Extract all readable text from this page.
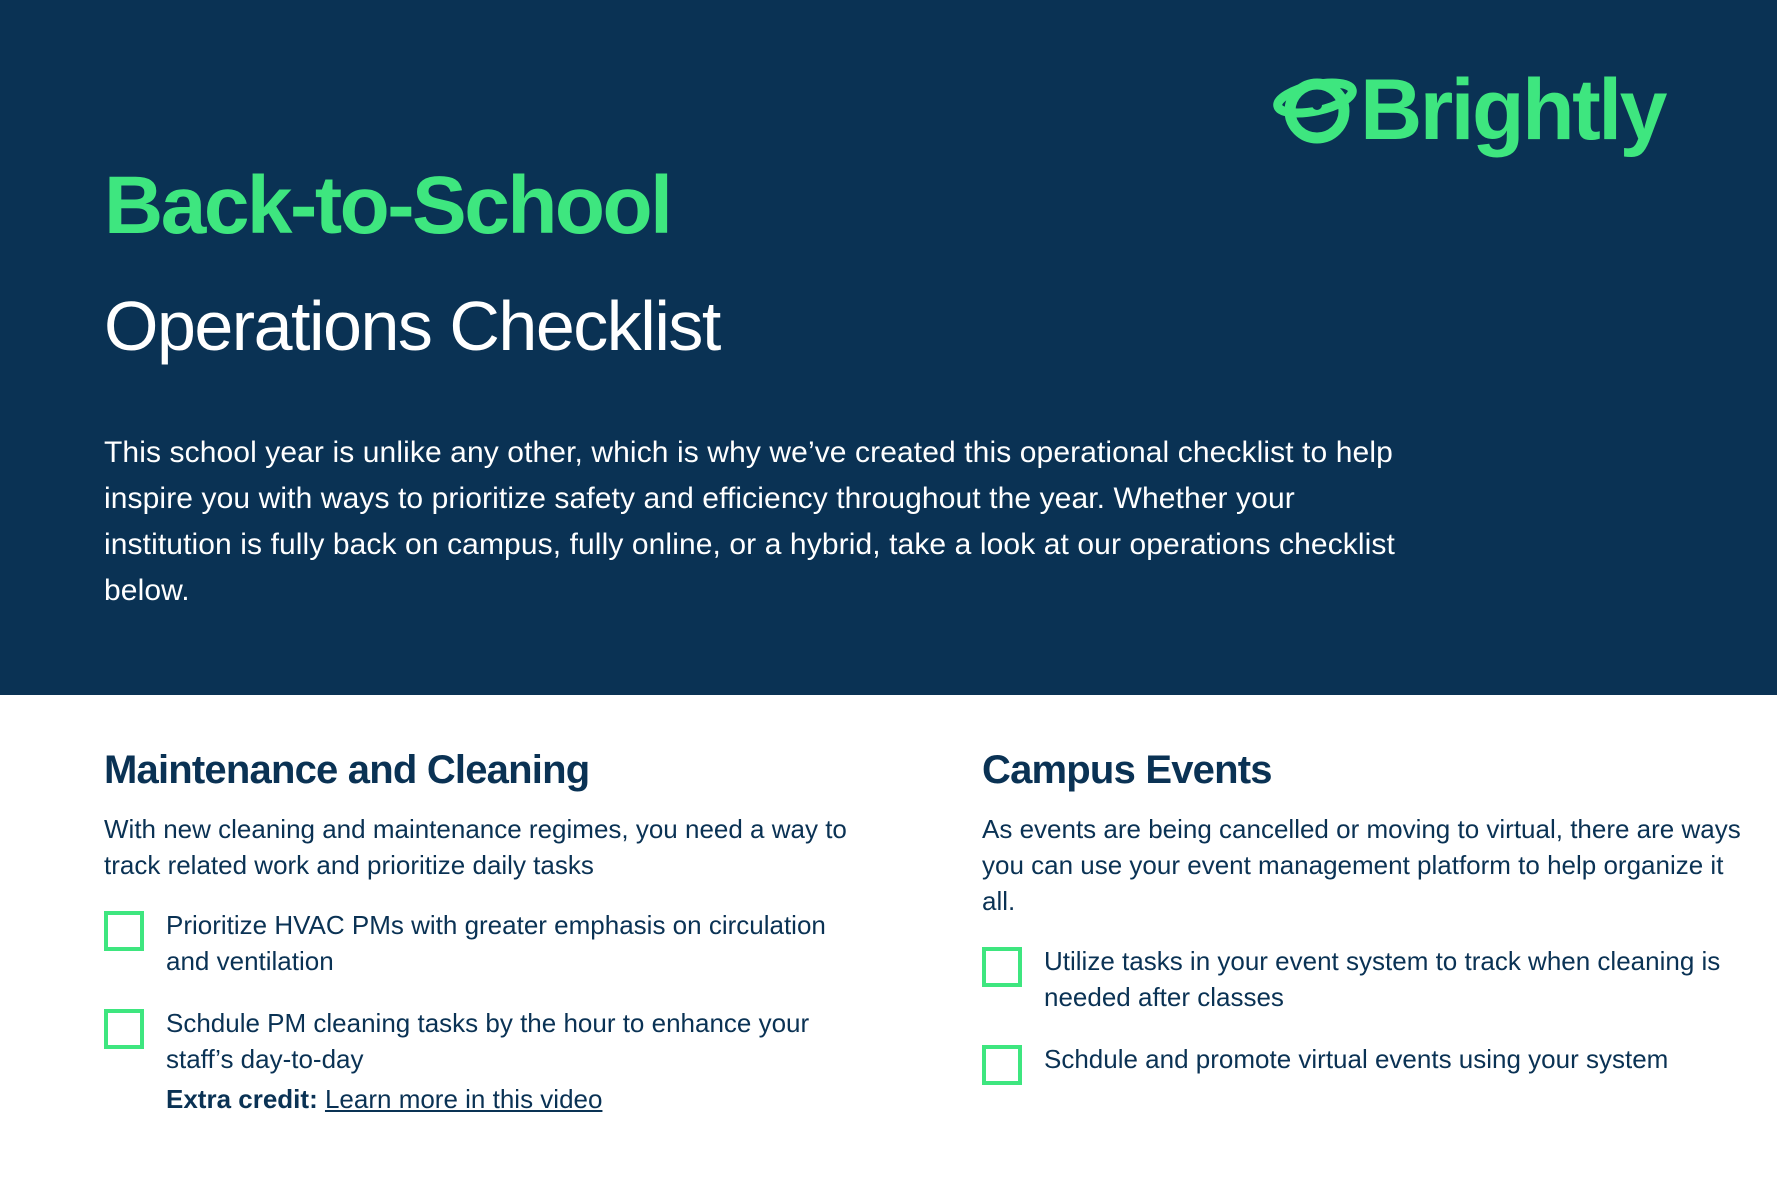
Brightly
Back-to-School
Operations Checklist
This school year is unlike any other, which is why we’ve created this operational checklist to help inspire you with ways to prioritize safety and efficiency throughout the year. Whether your institution is fully back on campus, fully online, or a hybrid, take a look at our operations checklist below.
Maintenance and Cleaning
With new cleaning and maintenance regimes, you need a way to track related work and prioritize daily tasks
Prioritize HVAC PMs with greater emphasis on circulation and ventilation
Schdule PM cleaning tasks by the hour to enhance your staff’s day-to-day
Extra credit: Learn more in this video
Campus Events
As events are being cancelled or moving to virtual, there are ways you can use your event management platform to help organize it all.
Utilize tasks in your event system to track when cleaning is needed after classes
Schdule and promote virtual events using your system
